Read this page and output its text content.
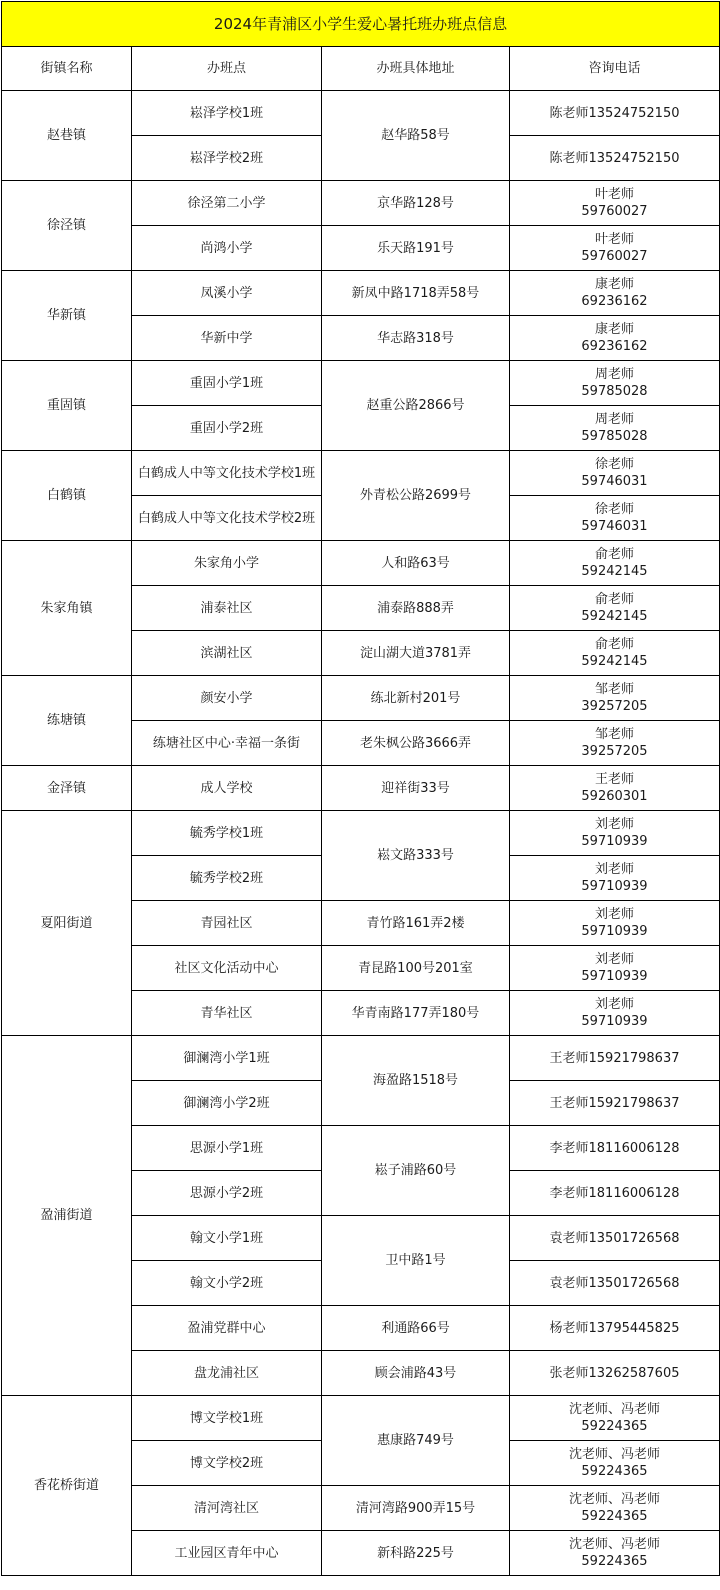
2024年青浦区小学生爱心暑托班办班点信息			
街镇名称	办班点	办班具体地址	咨询电话
赵巷镇	崧泽学校1班	赵华路58号	陈老师13524752150

	崧泽学校2班		陈老师13524752150

徐泾镇	徐泾第二小学	京华路128号	叶老师
59760027

	尚鸿小学	乐天路191号	叶老师
59760027

华新镇	凤溪小学	新凤中路1718弄58号	康老师
69236162

	华新中学	华志路318号	康老师
69236162

重固镇	重固小学1班	赵重公路2866号	周老师
59785028

	重固小学2班		周老师
59785028

白鹤镇	白鹤成人中等文化技术学校1班	外青松公路2699号	徐老师
59746031

	白鹤成人中等文化技术学校2班		徐老师
59746031

朱家角镇	朱家角小学	人和路63号	俞老师
59242145

	浦泰社区	浦泰路888弄	俞老师
59242145

	滨湖社区	淀山湖大道3781弄	俞老师
59242145

练塘镇	颜安小学	练北新村201号	邹老师
39257205

	练塘社区中心·幸福一条街	老朱枫公路3666弄	邹老师
39257205

金泽镇	成人学校	迎祥街33号	王老师
59260301

夏阳街道	毓秀学校1班	崧文路333号	刘老师
59710939

	毓秀学校2班		刘老师
59710939

	青园社区	青竹路161弄2楼	刘老师
59710939

	社区文化活动中心	青昆路100号201室	刘老师
59710939

	青华社区	华青南路177弄180号	刘老师
59710939

盈浦街道	御澜湾小学1班	海盈路1518号	王老师15921798637

	御澜湾小学2班		王老师15921798637

	思源小学1班	崧子浦路60号	李老师18116006128

	思源小学2班		李老师18116006128

	翰文小学1班	卫中路1号	袁老师13501726568

	翰文小学2班		袁老师13501726568

	盈浦党群中心	利通路66号	杨老师13795445825

	盘龙浦社区	顾会浦路43号	张老师13262587605

香花桥街道	博文学校1班	惠康路749号	沈老师、冯老师
59224365

	博文学校2班		沈老师、冯老师
59224365

	清河湾社区	清河湾路900弄15号	沈老师、冯老师
59224365

	工业园区青年中心	新科路225号	沈老师、冯老师
59224365
